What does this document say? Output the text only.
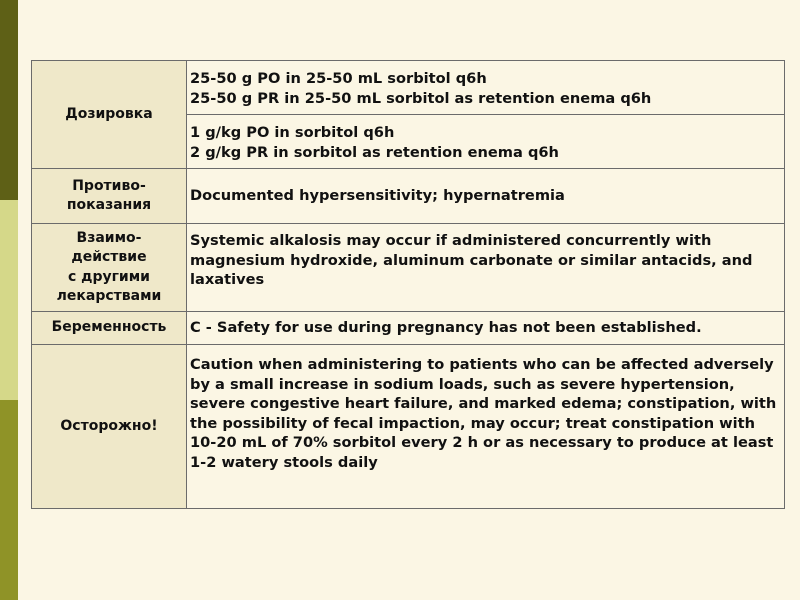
Дозировка	25-50 g PO in 25-50 mL sorbitol q6h
25-50 g PR in 25-50 mL sorbitol as retention enema q6h

	1 g/kg PO in sorbitol q6h
2 g/kg PR in sorbitol as retention enema q6h

Противо-
показания	Documented hypersensitivity; hypernatremia

Взаимо-
действие
с другими
лекарствами	Systemic alkalosis may occur if administered concurrently with magnesium hydroxide, aluminum carbonate or similar antacids, and laxatives
Беременность	C - Safety for use during pregnancy has not been established.
Осторожно!	Caution when administering to patients who can be affected adversely by a small increase in sodium loads, such as severe hypertension, severe congestive heart failure, and marked edema; constipation, with the possibility of fecal impaction, may occur; treat constipation with 10-20 mL of 70% sorbitol every 2 h or as necessary to produce at least 1-2 watery stools daily
